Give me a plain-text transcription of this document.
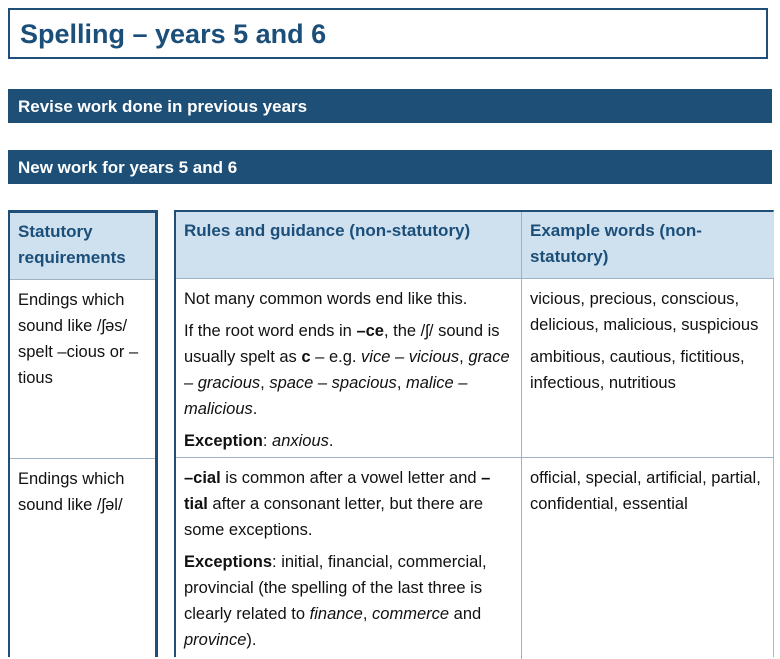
Spelling – years 5 and 6
Revise work done in previous years
New work for years 5 and 6
Statutory requirements
Endings which sound like /ʃəs/ spelt –cious or –tious
Endings which sound like /ʃəl/
Rules and guidance (non-statutory)	Example words (non-statutory)

Not many common words end like this.

If the root word ends in –ce, the /ʃ/ sound is usually spelt as c – e.g. vice – vicious, grace – gracious, space – spacious, malice – malicious.

Exception: anxious.

vicious, precious, conscious, delicious, malicious, suspicious

ambitious, cautious, fictitious, infectious, nutritious

–cial is common after a vowel letter and –tial after a consonant letter, but there are some exceptions.

Exceptions: initial, financial, commercial, provincial (the spelling of the last three is clearly related to finance, commerce and province).

official, special, artificial, partial, confidential, essential
